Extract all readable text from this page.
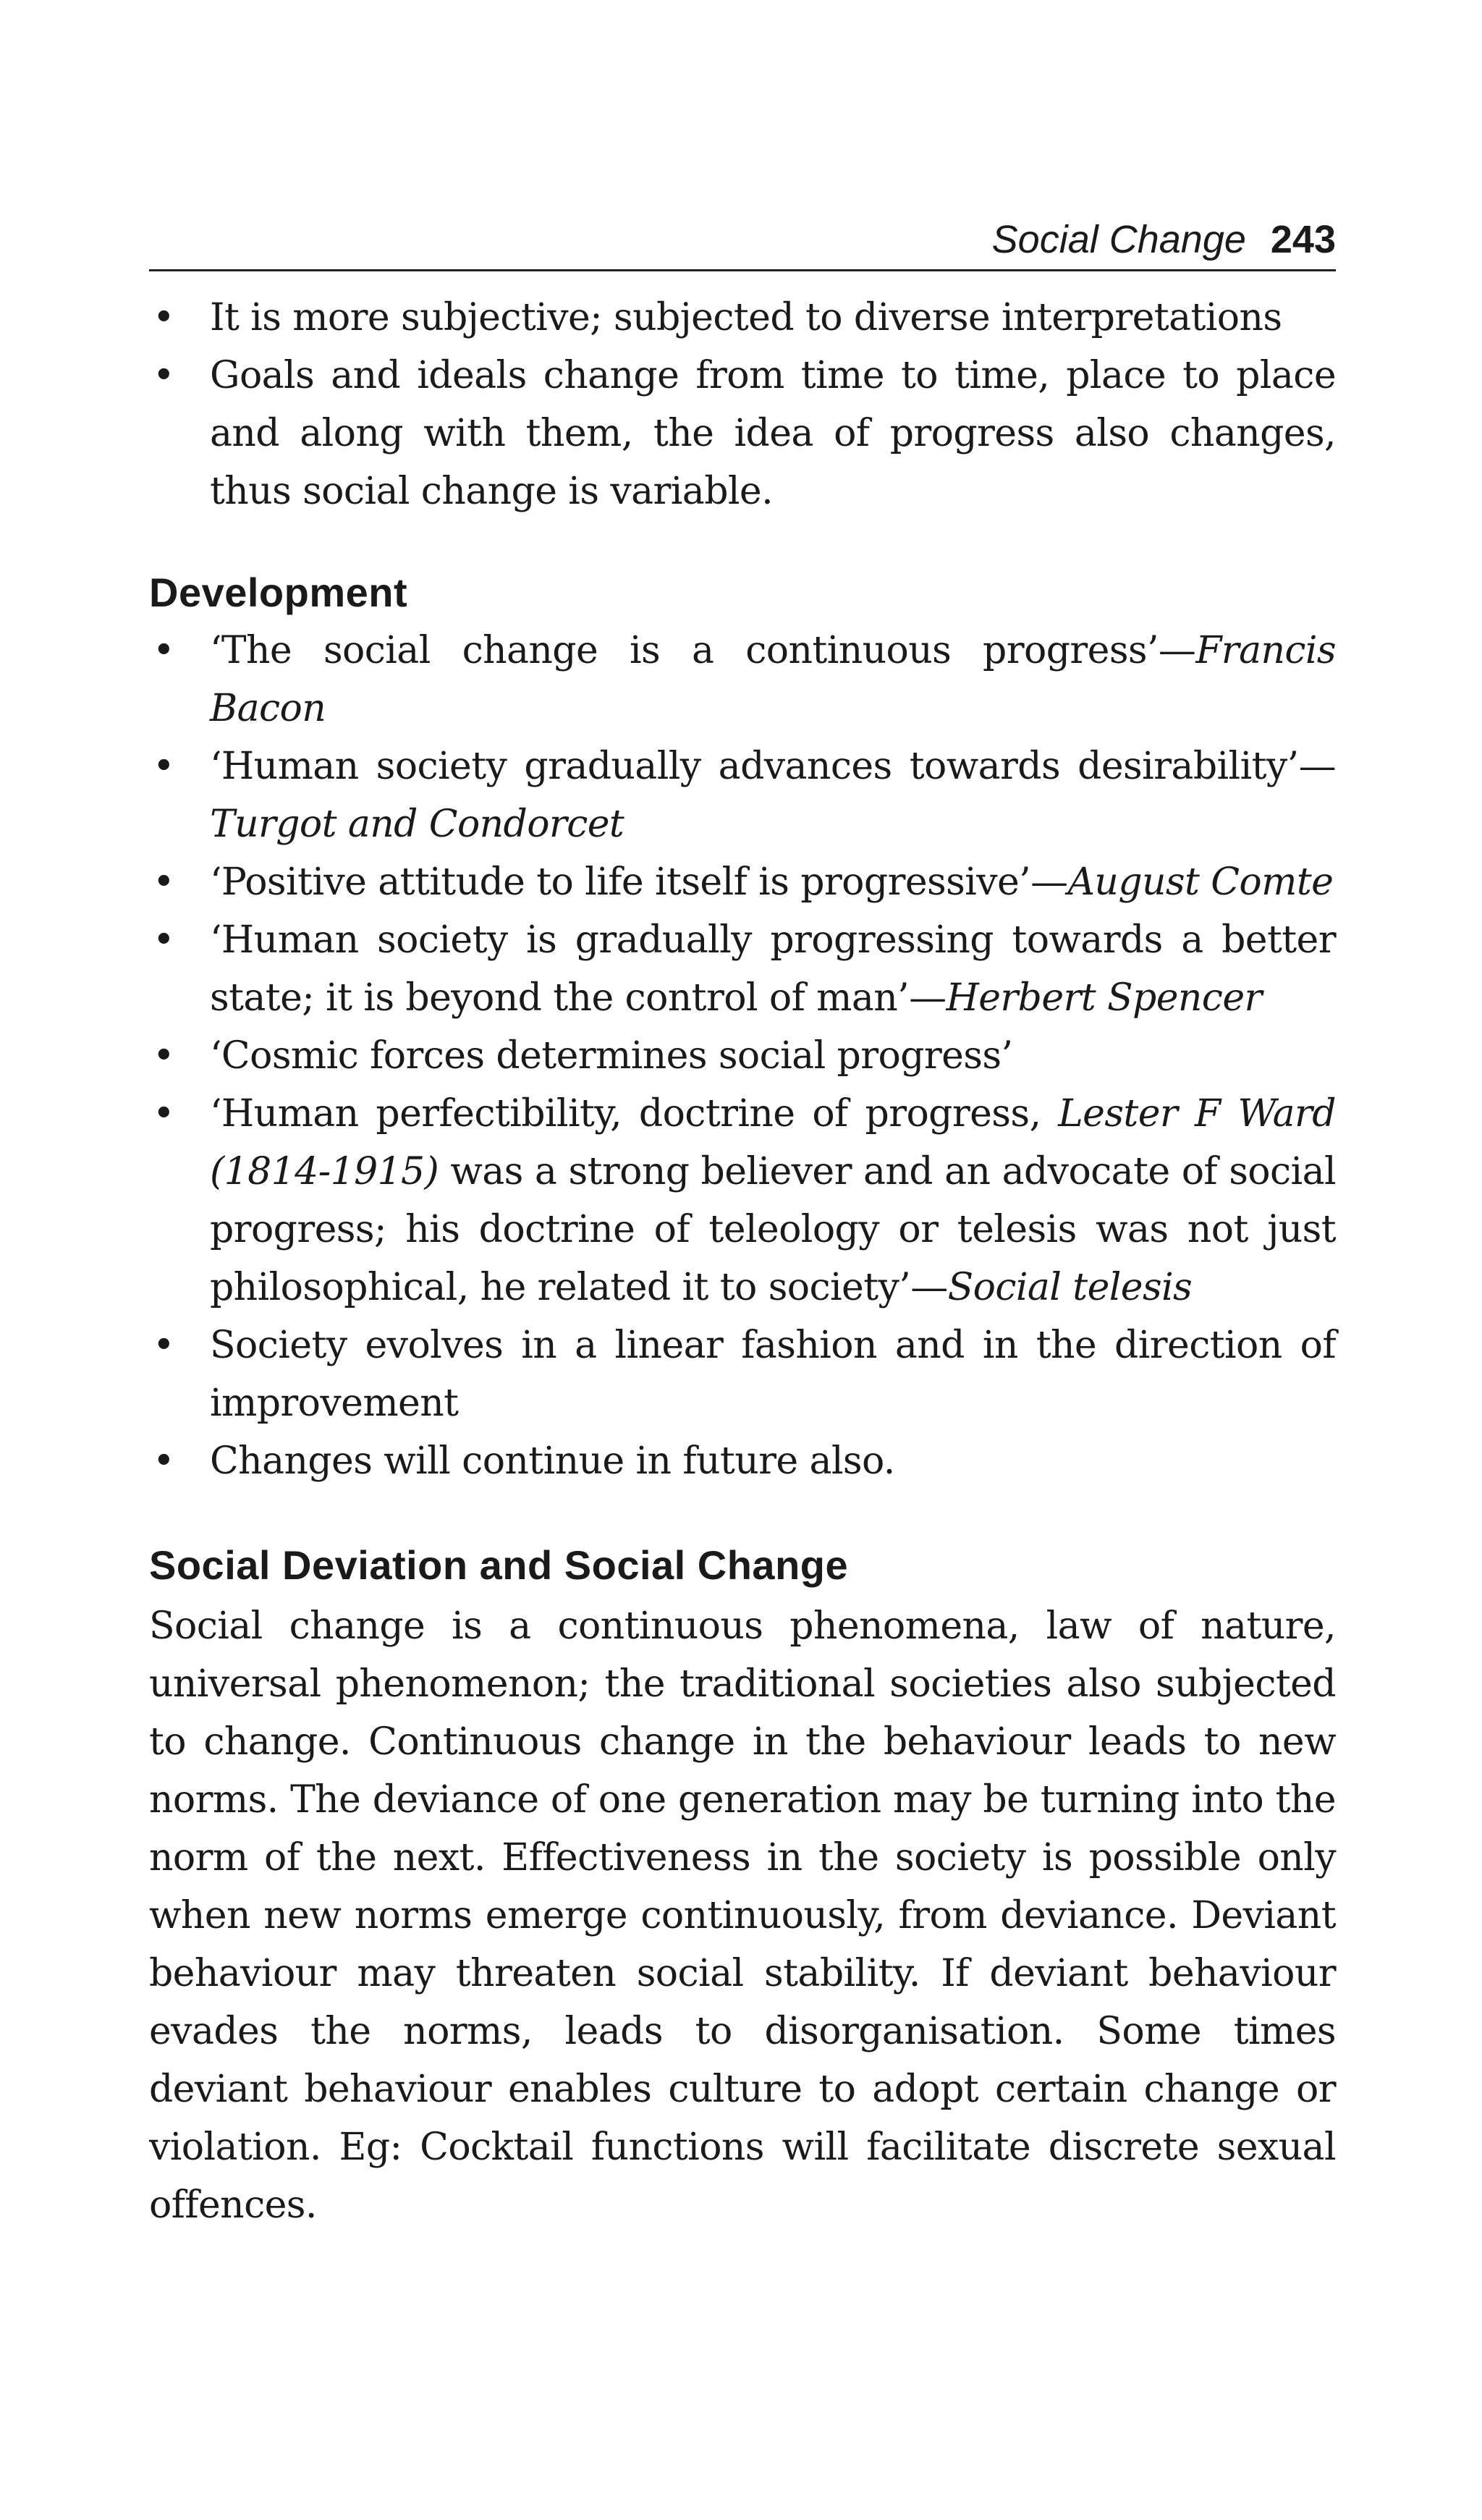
Social Change 243
• It is more subjective; subjected to diverse interpretations
• Goals and ideals change from time to time, place to place and along with them, the idea of progress also changes, thus social change is variable.
Development
• ‘The social change is a continuous progress’—Francis Bacon
• ‘Human society gradually advances towards desirability’— Turgot and Condorcet
• ‘Positive attitude to life itself is progressive’—August Comte
• ‘Human society is gradually progressing towards a better state; it is beyond the control of man’—Herbert Spencer
• ‘Cosmic forces determines social progress’
• ‘Human perfectibility, doctrine of progress, Lester F Ward (1814-1915) was a strong believer and an advocate of social progress; his doctrine of teleology or telesis was not just philosophical, he related it to society’—Social telesis
• Society evolves in a linear fashion and in the direction of improvement
• Changes will continue in future also.
Social Deviation and Social Change

Social change is a continuous phenomena, law of nature, universal phenomenon; the traditional societies also subjected to change. Continuous change in the behaviour leads to new norms. The deviance of one generation may be turning into the norm of the next. Effectiveness in the society is possible only when new norms emerge continuously, from deviance. Deviant behaviour may threaten social stability. If deviant behaviour evades the norms, leads to disorganisation. Some times deviant behaviour enables culture to adopt certain change or violation. Eg: Cocktail functions will facilitate discrete sexual offences.
